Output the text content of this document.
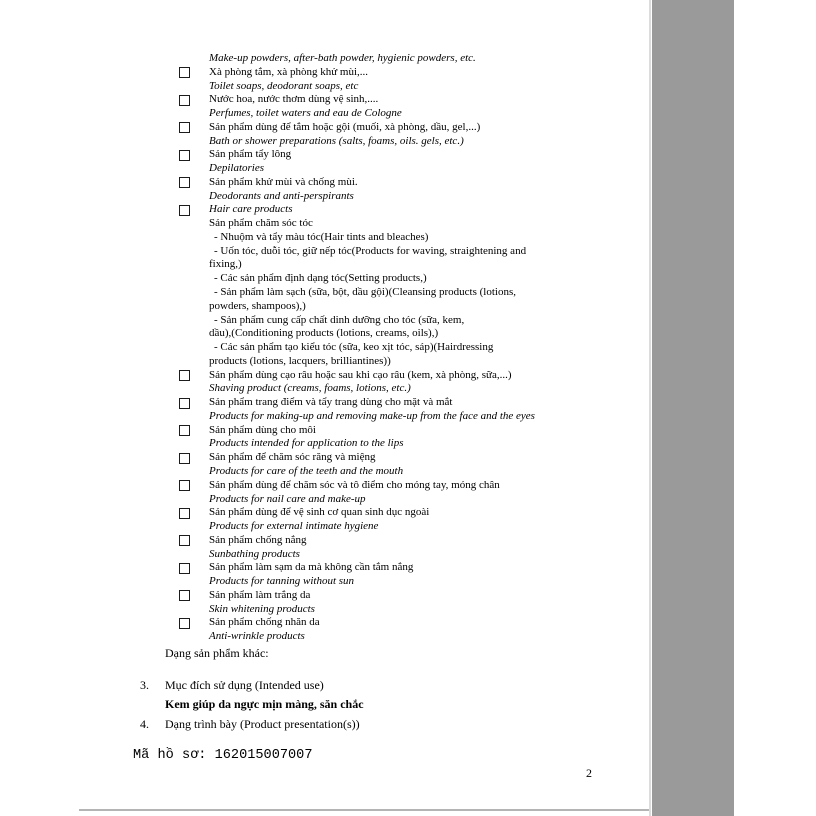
Make-up powders, after-bath powder, hygienic powders, etc.
Xà phòng tắm, xà phòng khử mùi,...
Toilet soaps, deodorant soaps, etc
Nước hoa, nước thơm dùng vệ sinh,....
Perfumes, toilet waters and eau de Cologne
Sản phẩm dùng để tắm hoặc gội (muối, xà phòng, dầu, gel,...)
Bath or shower preparations (salts, foams, oils. gels, etc.)
Sản phẩm tẩy lông
Depilatories
Sản phẩm khử mùi và chống mùi.
Deodorants and anti-perspirants
Hair care products
Sản phẩm chăm sóc tóc
- Nhuộm và tẩy màu tóc(Hair tints and bleaches)
- Uốn tóc, duỗi tóc, giữ nếp tóc(Products for waving, straightening and
fixing,)
- Các sản phẩm định dạng tóc(Setting products,)
- Sản phẩm làm sạch (sữa, bột, dầu gội)(Cleansing products (lotions,
powders, shampoos),)
- Sản phẩm cung cấp chất dinh dưỡng cho tóc (sữa, kem,
dầu),(Conditioning products (lotions, creams, oils),)
- Các sản phẩm tạo kiểu tóc (sữa, keo xịt tóc, sáp)(Hairdressing
products (lotions, lacquers, brilliantines))
Sản phẩm dùng cạo râu hoặc sau khi cạo râu (kem, xà phòng, sữa,...)
Shaving product (creams, foams, lotions, etc.)
Sản phẩm trang điểm và tẩy trang dùng cho mặt và mắt
Products for making-up and removing make-up from the face and the eyes
Sản phẩm dùng cho môi
Products intended for application to the lips
Sản phẩm để chăm sóc răng và miệng
Products for care of the teeth and the mouth
Sản phẩm dùng để chăm sóc và tô điểm cho móng tay, móng chân
Products for nail care and make-up
Sản phẩm dùng để vệ sinh cơ quan sinh dục ngoài
Products for external intimate hygiene
Sản phẩm chống nắng
Sunbathing products
Sản phẩm làm sạm da mà không cần tắm nắng
Products for tanning without sun
Sản phẩm làm trắng da
Skin whitening products
Sản phẩm chống nhăn da
Anti-wrinkle products
Dạng sản phẩm khác:
3. Mục đích sử dụng (Intended use)
Kem giúp da ngực mịn màng, săn chắc
4. Dạng trình bày (Product presentation(s))
Mã hồ sơ: 162015007007
2
